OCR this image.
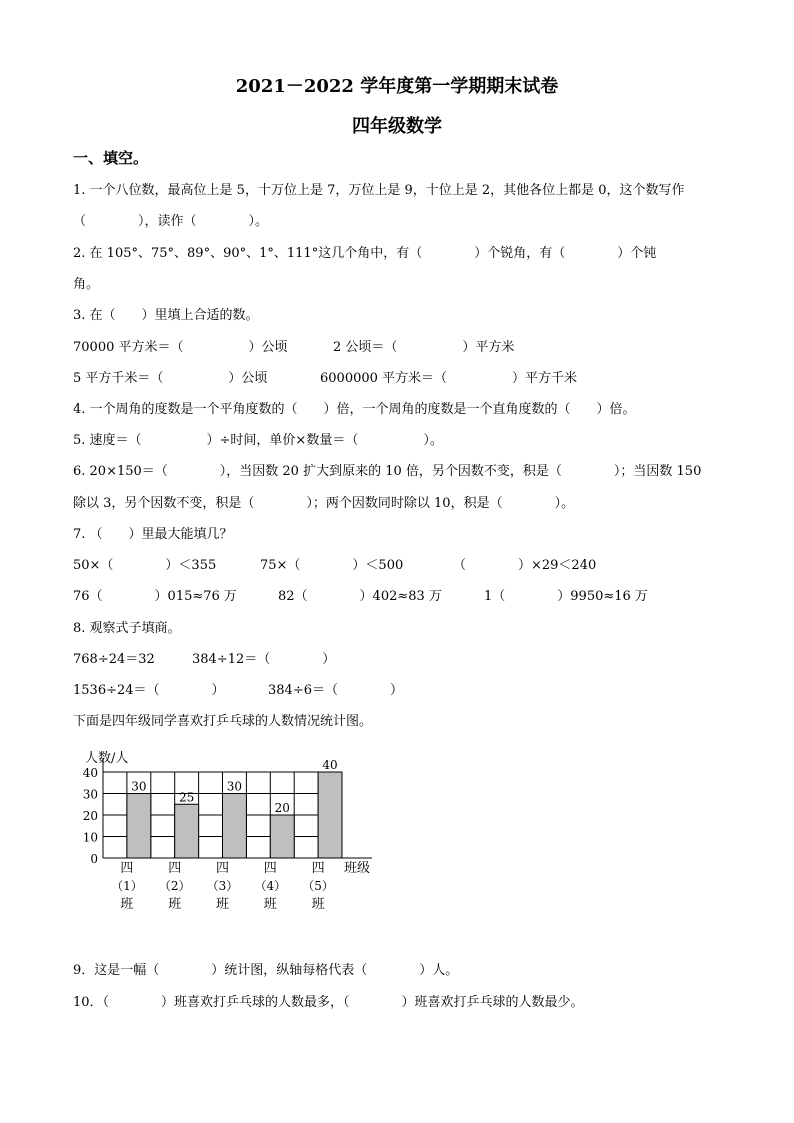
2021－2022 学年度第一学期期末试卷
四年级数学
一、填空。
1. 一个八位数，最高位上是 5，十万位上是 7，万位上是 9，十位上是 2，其他各位上都是 0，这个数写作
（　　　　），读作（　　　　）。
2. 在 105°、75°、89°、90°、1°、111°这几个角中，有（　　　　）个锐角，有（　　　　）个钝
角。
3. 在（　　）里填上合适的数。
70000 平方米＝（　　　　　）公顷	2 公顷＝（　　　　　）平方米
5 平方千米＝（　　　　　）公顷	6000000 平方米＝（　　　　　）平方千米
4. 一个周角的度数是一个平角度数的（　　）倍，一个周角的度数是一个直角度数的（　　）倍。
5. 速度＝（　　　　　）÷时间，单价×数量＝（　　　　　）。
6. 20×150＝（　　　　），当因数 20 扩大到原来的 10 倍，另个因数不变，积是（　　　　）；当因数 150
除以 3，另个因数不变，积是（　　　　）；两个因数同时除以 10，积是（　　　　）。
7. （　　）里最大能填几？
50×（　　　　）＜355	75×（　　　　）＜500	（　　　　）×29＜240
76（　　　　）015≈76 万	82（　　　　）402≈83 万	1（　　　　）9950≈16 万
8. 观察式子填商。
768÷24＝32	384÷12＝（　　　　）
1536÷24＝（　　　　）	384÷6＝（　　　　）
下面是四年级同学喜欢打乒乓球的人数情况统计图。
0
10
20
30
40
人数/人
班级
30
四
（1）
班
25
四
（2）
班
30
四
（3）
班
20
四
（4）
班
40
四
（5）
班
9．这是一幅（　　　　）统计图，纵轴每格代表（　　　　）人。
10．（　　　　）班喜欢打乒乓球的人数最多，（　　　　）班喜欢打乒乓球的人数最少。
